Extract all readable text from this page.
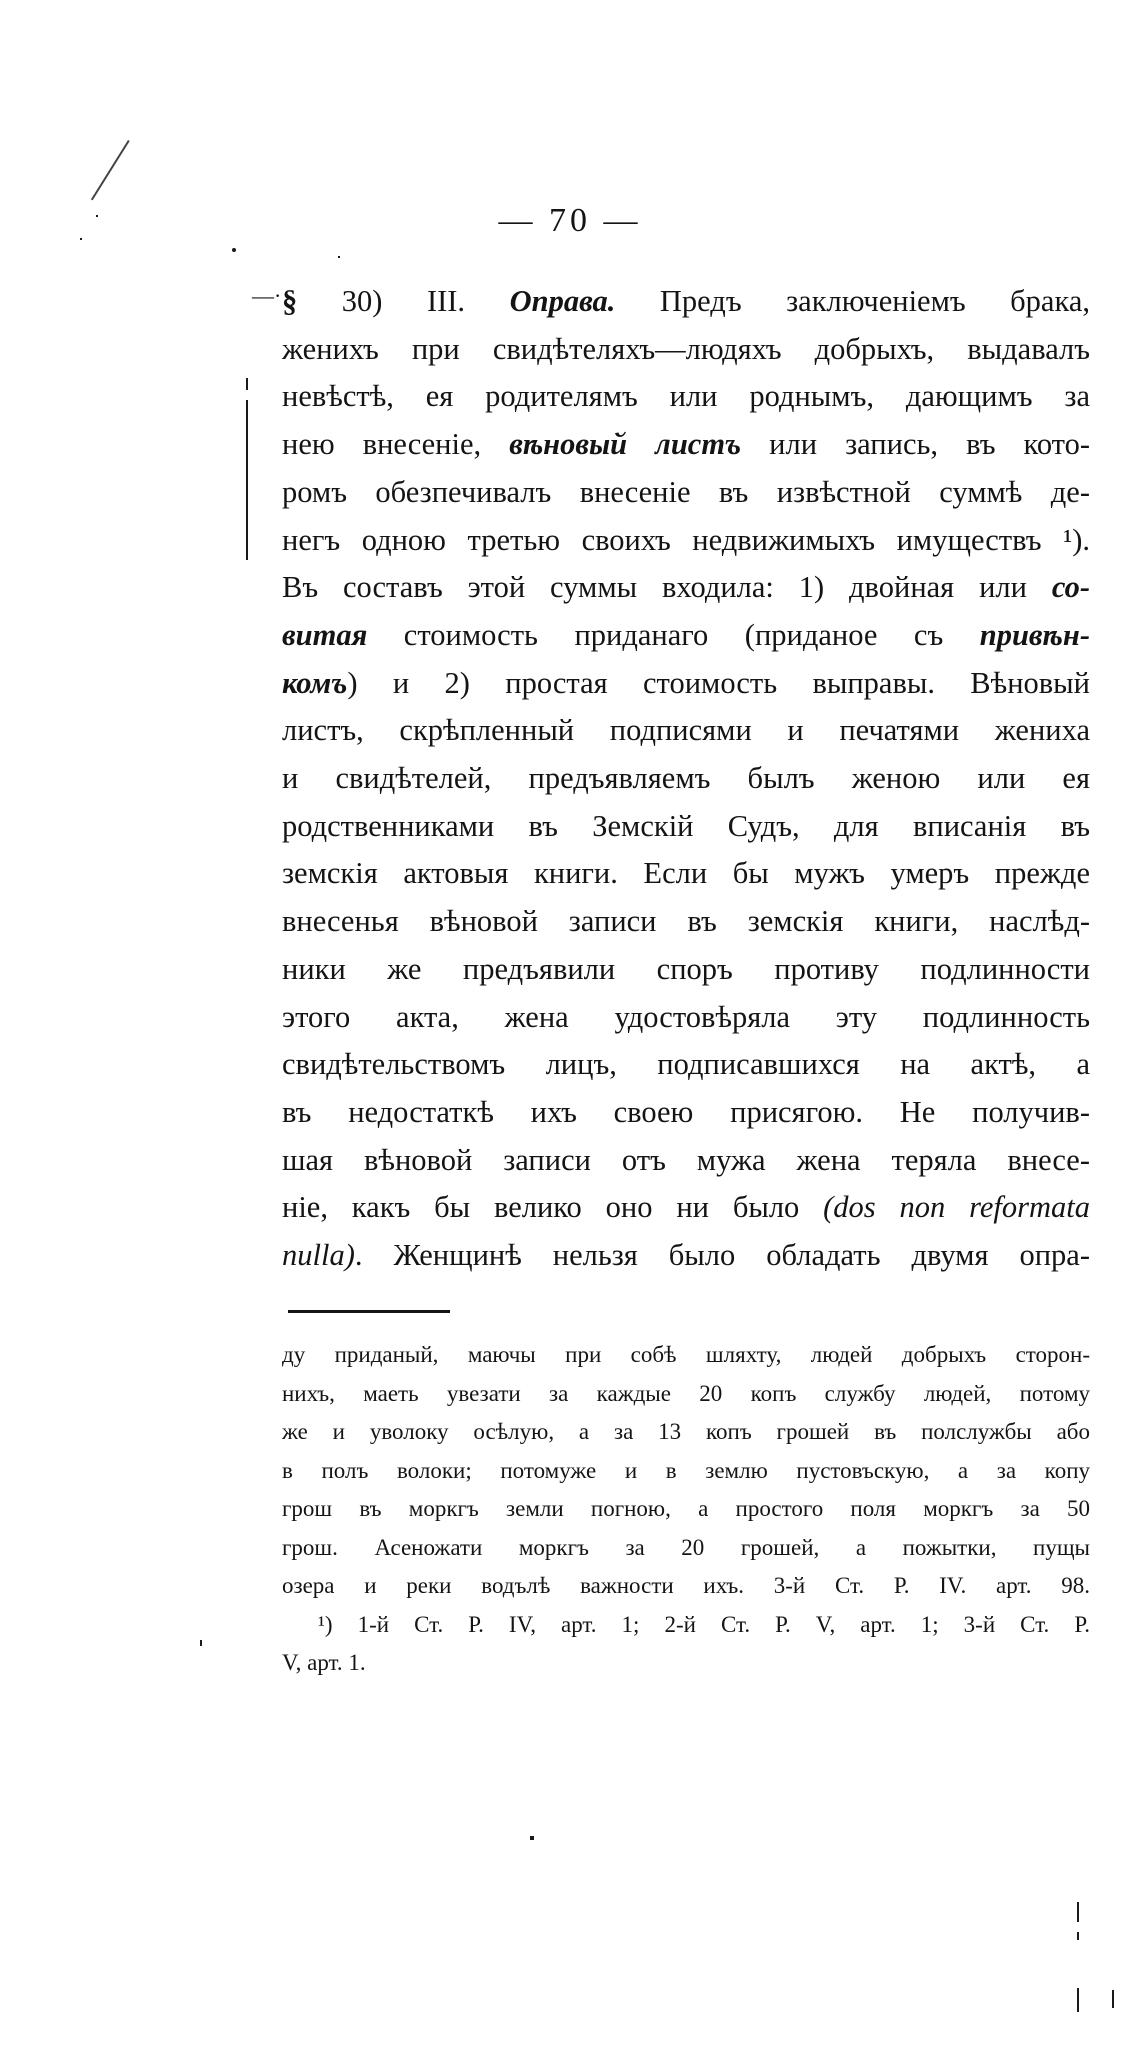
— 70 —
—· § 30) III. Оправа. Предъ заключеніемъ брака,
женихъ при свидѣтеляхъ—людяхъ добрыхъ, выдавалъ
невѣстѣ, ея родителямъ или роднымъ, дающимъ за
нею внесеніе, вѣновый листъ или запись, въ кото-
ромъ обезпечивалъ внесеніе въ извѣстной суммѣ де-
негъ одною третью своихъ недвижимыхъ имуществъ ¹).
Въ составъ этой суммы входила: 1) двойная или со-
витая стоимость приданаго (приданое съ привѣн-
комъ) и 2) простая стоимость выправы. Вѣновый
листъ, скрѣпленный подписями и печатями жениха
и свидѣтелей, предъявляемъ былъ женою или ея
родственниками въ Земскій Судъ, для вписанія въ
земскія актовыя книги. Если бы мужъ умеръ прежде
внесенья вѣновой записи въ земскія книги, наслѣд-
ники же предъявили споръ противу подлинности
этого акта, жена удостовѣряла эту подлинность
свидѣтельствомъ лицъ, подписавшихся на актѣ, а
въ недостаткѣ ихъ своею присягою. Не получив-
шая вѣновой записи отъ мужа жена теряла внесе-
ніе, какъ бы велико оно ни было (dos non reformata
nulla). Женщинѣ нельзя было обладать двумя опра-
ду приданый, маючы при собѣ шляхту, людей добрыхъ сторон-
нихъ, маеть увезати за каждые 20 копъ службу людей, потому
же и уволоку осѣлую, а за 13 копъ грошей въ полслужбы або
в полъ волоки; потомуже и в землю пустовъскую, а за копу
грош въ моркгъ земли погною, а простого поля моркгъ за 50
грош. Асеножати моркгъ за 20 грошей, а пожытки, пущы
озера и реки водълѣ важности ихъ. 3-й Ст. Р. IV. арт. 98.
¹) 1-й Ст. Р. IV, арт. 1; 2-й Ст. Р. V, арт. 1; 3-й Ст. Р.
V, арт. 1.
